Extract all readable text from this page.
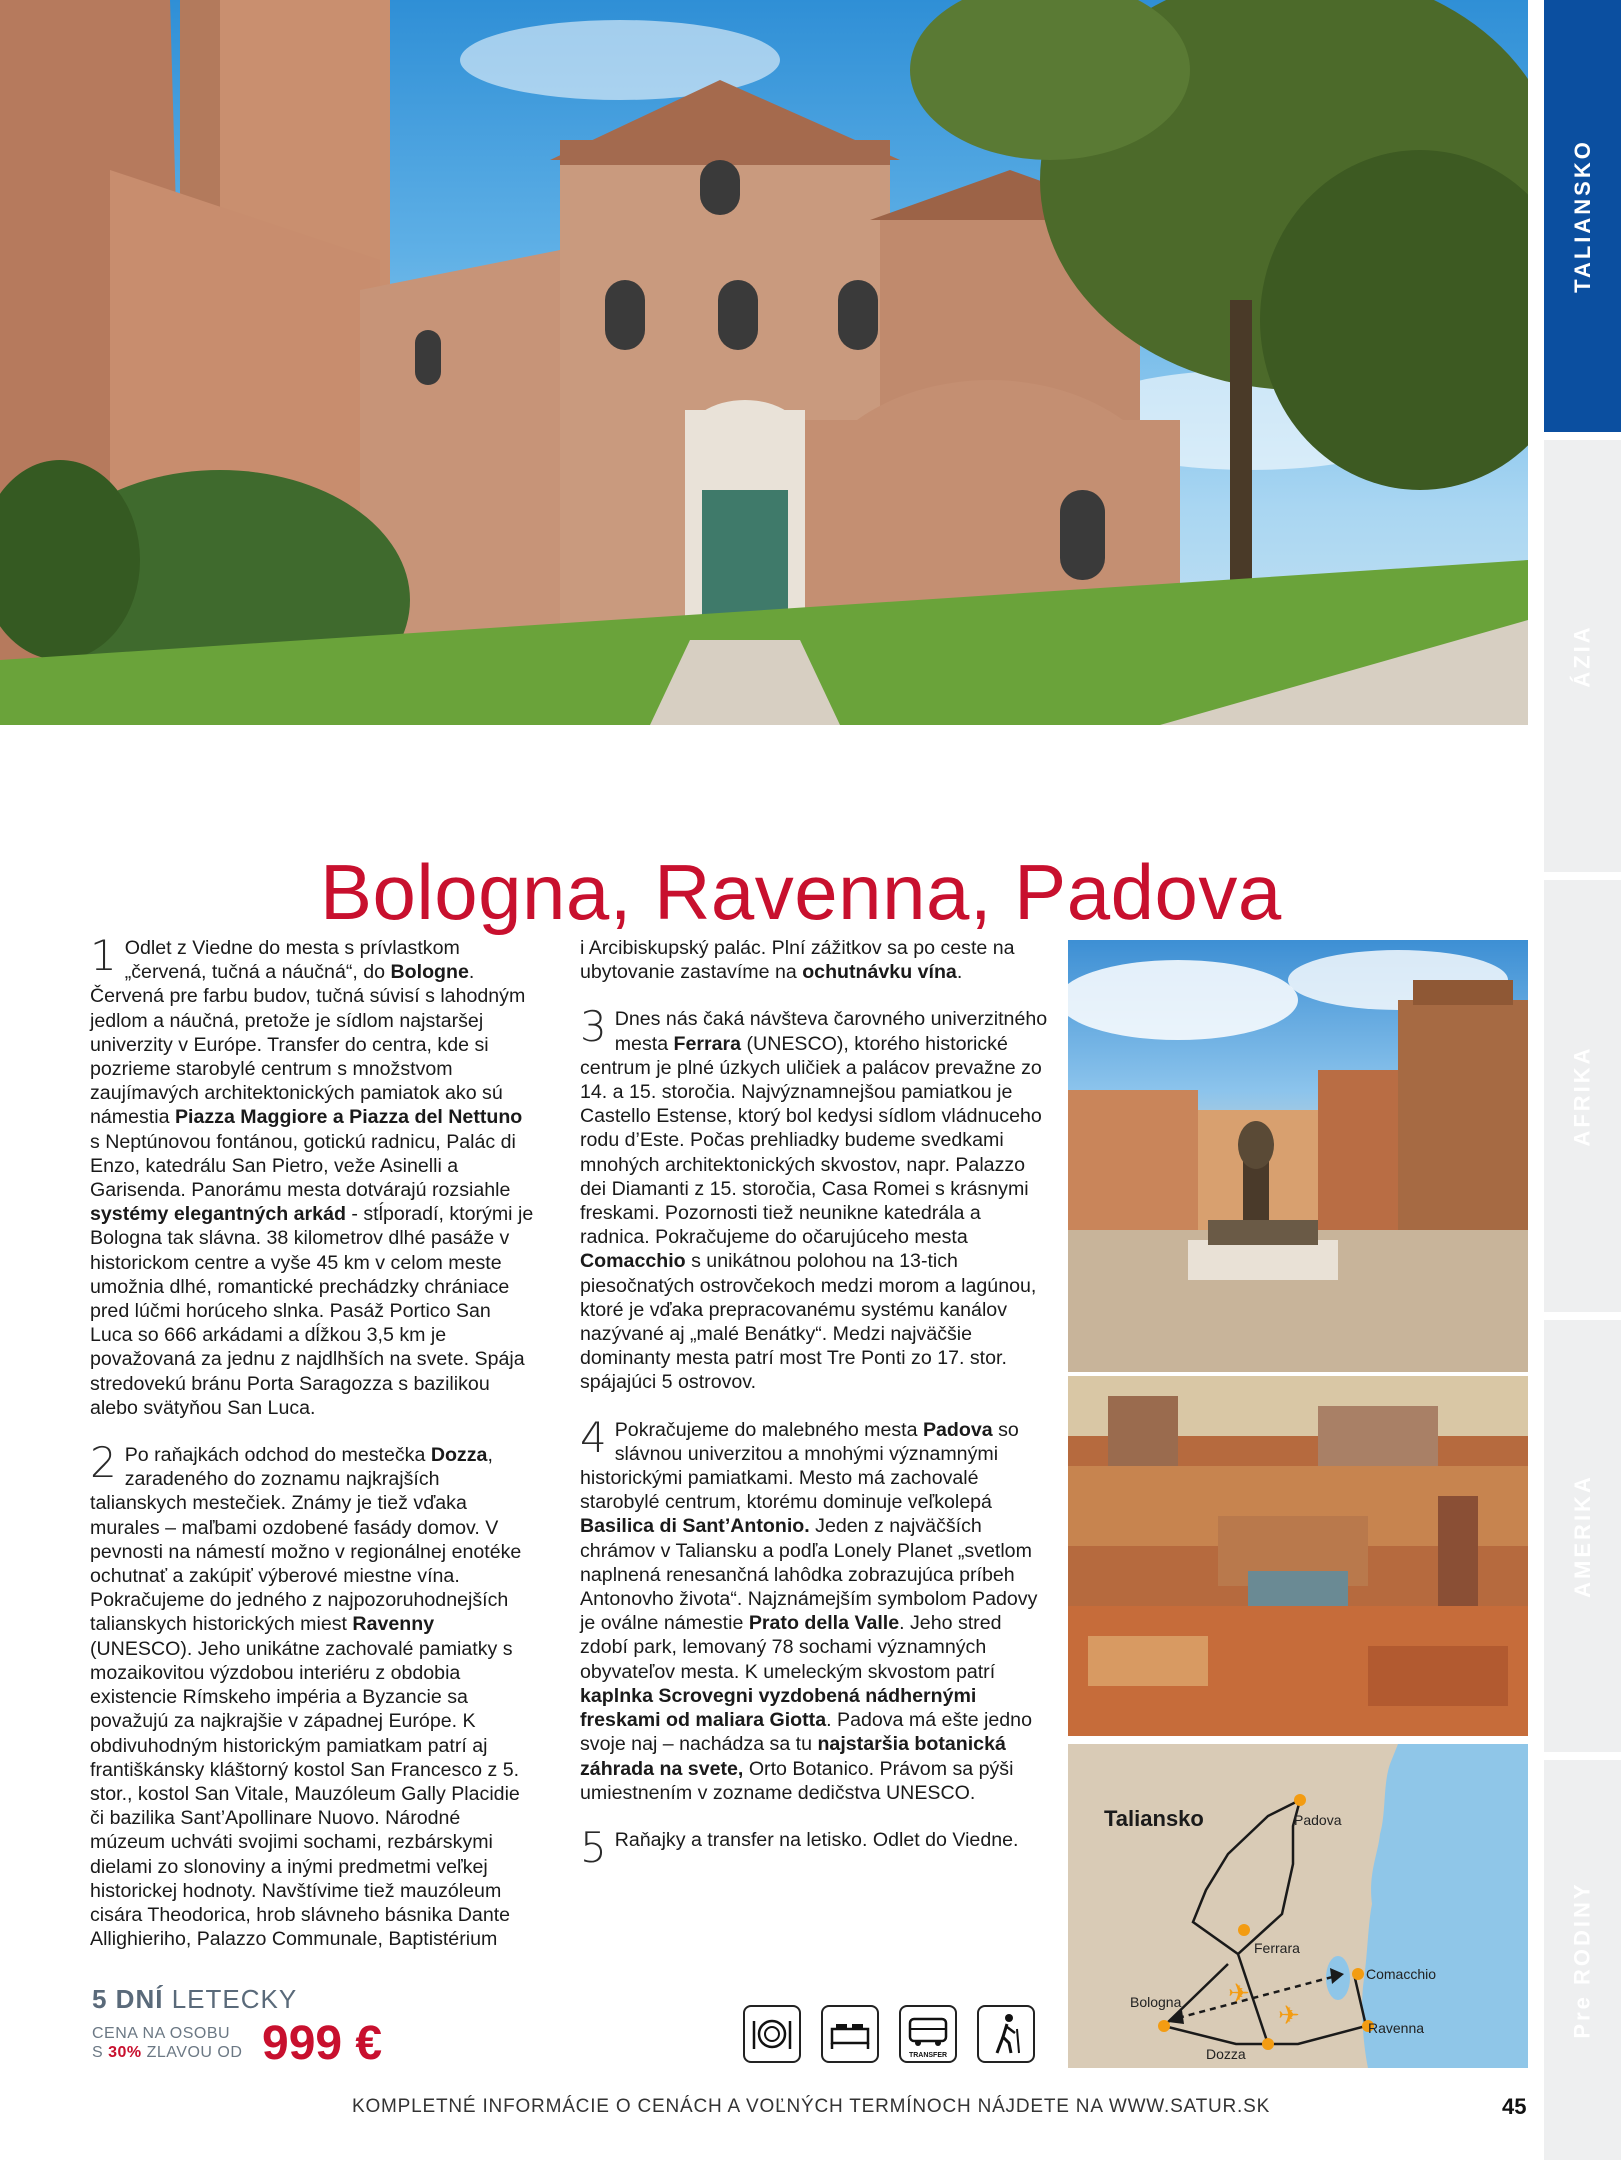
TALIANSKO
ÁZIA
AFRIKA
AMERIKA
Pre RODINY
Bologna, Ravenna, Padova
1 Odlet z Viedne do mesta s prívlastkom „červená, tučná a náučná“, do Bologne. Červená pre farbu budov, tučná súvisí s lahodným jedlom a náučná, pretože je sídlom najstaršej univerzity v Európe. Transfer do centra, kde si pozrieme starobylé centrum s množstvom zaujímavých architektonických pamiatok ako sú námestia Piazza Maggiore a Piazza del Nettuno s Neptúnovou fontánou, gotickú radnicu, Palác di Enzo, katedrálu San Pietro, veže Asinelli a Garisenda. Panorámu mesta dotvárajú rozsiahle systémy elegantných arkád - stĺporadí, ktorými je Bologna tak slávna. 38 kilometrov dlhé pasáže v historickom centre a vyše 45 km v celom meste umožnia dlhé, romantické prechádzky chrániace pred lúčmi horúceho slnka. Pasáž Portico San Luca so 666 arkádami a dĺžkou 3,5 km je považovaná za jednu z najdlhších na svete. Spája stredovekú bránu Porta Saragozza s bazilikou alebo svätyňou San Luca.
2 Po raňajkách odchod do mestečka Dozza, zaradeného do zoznamu najkrajších talianskych mestečiek. Známy je tiež vďaka murales – maľbami ozdobené fasády domov. V pevnosti na námestí možno v regionálnej enotéke ochutnať a zakúpiť výberové miestne vína. Pokračujeme do jedného z najpozoruhodnejších talianskych historických miest Ravenny (UNESCO). Jeho unikátne zachovalé pamiatky s mozaikovitou výzdobou interiéru z obdobia existencie Rímskeho impéria a Byzancie sa považujú za najkrajšie v západnej Európe. K obdivuhodným historickým pamiatkam patrí aj františkánsky kláštorný kostol San Francesco z 5. stor., kostol San Vitale, Mauzóleum Gally Placidie či bazilika Sant’Apollinare Nuovo. Národné múzeum uchváti svojimi sochami, rezbárskymi dielami zo slonoviny a inými predmetmi veľkej historickej hodnoty. Navštívime tiež mauzóleum cisára Theodorica, hrob slávneho básnika Dante Allighieriho, Palazzo Communale, Baptistérium
i Arcibiskupský palác. Plní zážitkov sa po ceste na ubytovanie zastavíme na ochutnávku vína.
3 Dnes nás čaká návšteva čarovného univerzitného mesta Ferrara (UNESCO), ktorého historické centrum je plné úzkych uličiek a palácov prevažne zo 14. a 15. storočia. Najvýznamnejšou pamiatkou je Castello Estense, ktorý bol kedysi sídlom vládnuceho rodu d’Este. Počas prehliadky budeme svedkami mnohých architektonických skvostov, napr. Palazzo dei Diamanti z 15. storočia, Casa Romei s krásnymi freskami. Pozornosti tiež neunikne katedrála a radnica. Pokračujeme do očarujúceho mesta Comacchio s unikátnou polohou na 13-tich piesočnatých ostrovčekoch medzi morom a lagúnou, ktoré je vďaka prepracovanému systému kanálov nazývané aj „malé Benátky“. Medzi najväčšie dominanty mesta patrí most Tre Ponti zo 17. stor. spájajúci 5 ostrovov.
4 Pokračujeme do malebného mesta Padova so slávnou univerzitou a mnohými významnými historickými pamiatkami. Mesto má zachovalé starobylé centrum, ktorému dominuje veľkolepá Basilica di Sant’Antonio. Jeden z najväčších chrámov v Taliansku a podľa Lonely Planet „svetlom naplnená renesančná lahôdka zobrazujúca príbeh Antonovho života“. Najznámejším symbolom Padovy je oválne námestie Prato della Valle. Jeho stred zdobí park, lemovaný 78 sochami významných obyvateľov mesta. K umeleckým skvostom patrí kaplnka Scrovegni vyzdobená nádhernými freskami od maliara Giotta. Padova má ešte jedno svoje naj – nachádza sa tu najstaršia botanická záhrada na svete, Orto Botanico. Právom sa pýši umiestnením v zozname dedičstva UNESCO.
5 Raňajky a transfer na letisko. Odlet do Viedne.
✈
✈
Taliansko	Padova
Ferrara
Comacchio
Bologna
Dozza
Ravenna
5 DNÍ LETECKY
CENA NA OSOBU
S 30% ZLAVOU OD 999 €	TRANSFER
KOMPLETNÉ INFORMÁCIE O CENÁCH A VOĽNÝCH TERMÍNOCH NÁJDETE NA WWW.SATUR.SK	45
